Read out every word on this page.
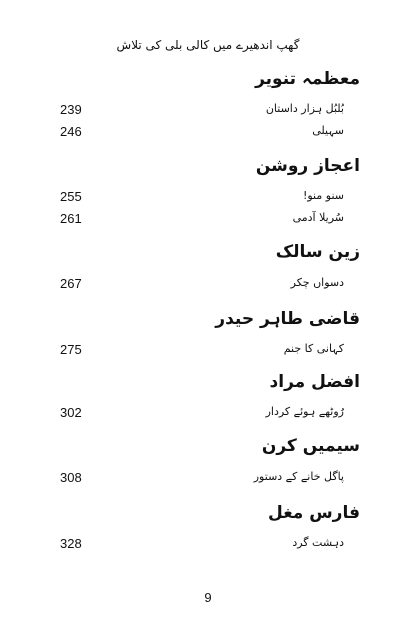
گھپ اندھیرے میں کالی بلی کی تلاش
معظمہ تنویر
239	بُلبُل ہزار داستان
246	سہیلی
اعجاز روشن
255	سنو منو!
261	سُریلا آدمی
زین سالک
267	دسواں چکر
قاضی طاہر حیدر
275	کہانی کا جنم
افضل مراد
302	رُوٹھے ہوئے کردار
سیمیں کرن
308	پاگل خانے کے دستور
فارس مغل
328	دہشت گرد
9
